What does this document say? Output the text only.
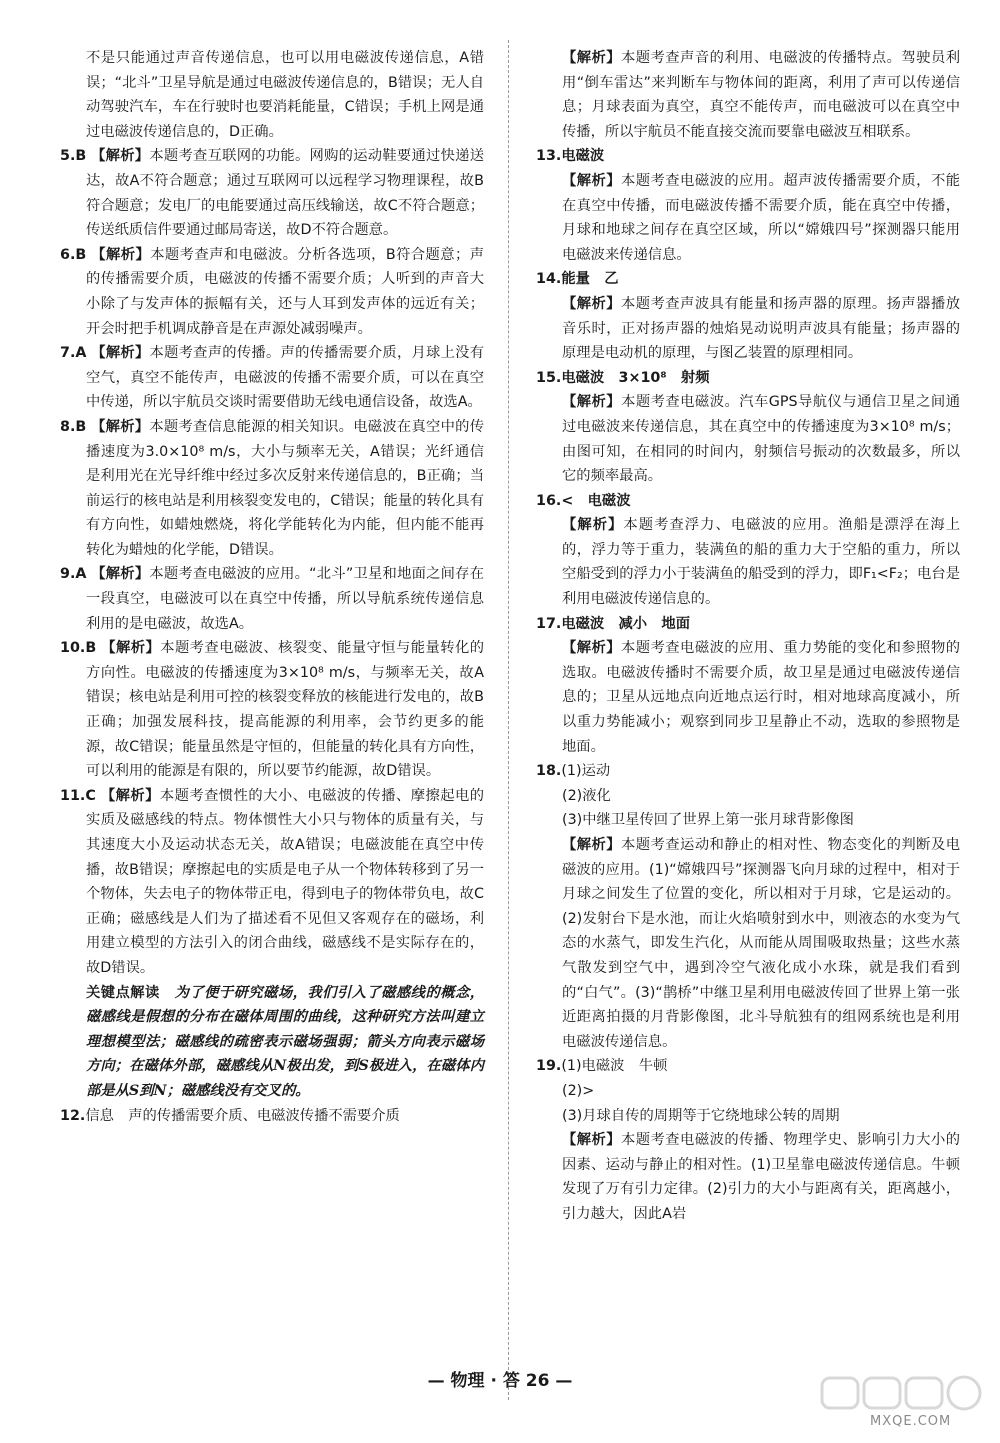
不是只能通过声音传递信息，也可以用电磁波传递信息，A错误；“北斗”卫星导航是通过电磁波传递信息的，B错误；无人自动驾驶汽车，车在行驶时也要消耗能量，C错误；手机上网是通过电磁波传递信息的，D正确。
5.B 【解析】本题考查互联网的功能。网购的运动鞋要通过快递送达，故A不符合题意；通过互联网可以远程学习物理课程，故B符合题意；发电厂的电能要通过高压线输送，故C不符合题意；传送纸质信件要通过邮局寄送，故D不符合题意。
6.B 【解析】本题考查声和电磁波。分析各选项，B符合题意；声的传播需要介质，电磁波的传播不需要介质；人听到的声音大小除了与发声体的振幅有关，还与人耳到发声体的远近有关；开会时把手机调成静音是在声源处减弱噪声。
7.A 【解析】本题考查声的传播。声的传播需要介质，月球上没有空气，真空不能传声，电磁波的传播不需要介质，可以在真空中传递，所以宇航员交谈时需要借助无线电通信设备，故选A。
8.B 【解析】本题考查信息能源的相关知识。电磁波在真空中的传播速度为3.0×10⁸ m/s，大小与频率无关，A错误；光纤通信是利用光在光导纤维中经过多次反射来传递信息的，B正确；当前运行的核电站是利用核裂变发电的，C错误；能量的转化具有有方向性，如蜡烛燃烧，将化学能转化为内能，但内能不能再转化为蜡烛的化学能，D错误。
9.A 【解析】本题考查电磁波的应用。“北斗”卫星和地面之间存在一段真空，电磁波可以在真空中传播，所以导航系统传递信息利用的是电磁波，故选A。
10.B 【解析】本题考查电磁波、核裂变、能量守恒与能量转化的方向性。电磁波的传播速度为3×10⁸ m/s，与频率无关，故A错误；核电站是利用可控的核裂变释放的核能进行发电的，故B正确；加强发展科技，提高能源的利用率，会节约更多的能源，故C错误；能量虽然是守恒的，但能量的转化具有方向性，可以利用的能源是有限的，所以要节约能源，故D错误。
11.C 【解析】本题考查惯性的大小、电磁波的传播、摩擦起电的实质及磁感线的特点。物体惯性大小只与物体的质量有关，与其速度大小及运动状态无关，故A错误；电磁波能在真空中传播，故B错误；摩擦起电的实质是电子从一个物体转移到了另一个物体，失去电子的物体带正电，得到电子的物体带负电，故C正确；磁感线是人们为了描述看不见但又客观存在的磁场，利用建立模型的方法引入的闭合曲线，磁感线不是实际存在的，故D错误。
关键点解读　 为了便于研究磁场，我们引入了磁感线的概念，磁感线是假想的分布在磁体周围的曲线，这种研究方法叫建立理想模型法；磁感线的疏密表示磁场强弱；箭头方向表示磁场方向；在磁体外部，磁感线从N极出发，到S极进入，在磁体内部是从S到N；磁感线没有交叉的。
12.信息　声的传播需要介质、电磁波传播不需要介质
【解析】本题考查声音的利用、电磁波的传播特点。驾驶员利用“倒车雷达”来判断车与物体间的距离，利用了声可以传递信息；月球表面为真空，真空不能传声，而电磁波可以在真空中传播，所以宇航员不能直接交流而要靠电磁波互相联系。
13.电磁波
【解析】本题考查电磁波的应用。超声波传播需要介质，不能在真空中传播，而电磁波传播不需要介质，能在真空中传播，月球和地球之间存在真空区域，所以“嫦娥四号”探测器只能用电磁波来传递信息。
14.能量　乙
【解析】本题考查声波具有能量和扬声器的原理。扬声器播放音乐时，正对扬声器的烛焰晃动说明声波具有能量；扬声器的原理是电动机的原理，与图乙装置的原理相同。
15.电磁波　3×10⁸　射频
【解析】本题考查电磁波。汽车GPS导航仪与通信卫星之间通过电磁波来传递信息，其在真空中的传播速度为3×10⁸ m/s；由图可知，在相同的时间内，射频信号振动的次数最多，所以它的频率最高。
16.<　电磁波
【解析】本题考查浮力、电磁波的应用。渔船是漂浮在海上的，浮力等于重力，装满鱼的船的重力大于空船的重力，所以空船受到的浮力小于装满鱼的船受到的浮力，即F₁<F₂；电台是利用电磁波传递信息的。
17.电磁波　减小　地面
【解析】本题考查电磁波的应用、重力势能的变化和参照物的选取。电磁波传播时不需要介质，故卫星是通过电磁波传递信息的；卫星从远地点向近地点运行时，相对地球高度减小，所以重力势能减小；观察到同步卫星静止不动，选取的参照物是地面。
18.(1)运动
(2)液化
(3)中继卫星传回了世界上第一张月球背影像图
【解析】本题考查运动和静止的相对性、物态变化的判断及电磁波的应用。(1)“嫦娥四号”探测器飞向月球的过程中，相对于月球之间发生了位置的变化，所以相对于月球，它是运动的。(2)发射台下是水池，而让火焰喷射到水中，则液态的水变为气态的水蒸气，即发生汽化，从而能从周围吸取热量；这些水蒸气散发到空气中，遇到冷空气液化成小水珠，就是我们看到的“白气”。(3)“鹊桥”中继卫星利用电磁波传回了世界上第一张近距离拍摄的月背影像图，北斗导航独有的组网系统也是利用电磁波传递信息。
19.(1)电磁波　牛顿
(2)>
(3)月球自传的周期等于它绕地球公转的周期
【解析】本题考查电磁波的传播、物理学史、影响引力大小的因素、运动与静止的相对性。(1)卫星靠电磁波传递信息。牛顿发现了万有引力定律。(2)引力的大小与距离有关，距离越小，引力越大，因此A岩
— 物理 · 答 26 —
MXQE.COM
